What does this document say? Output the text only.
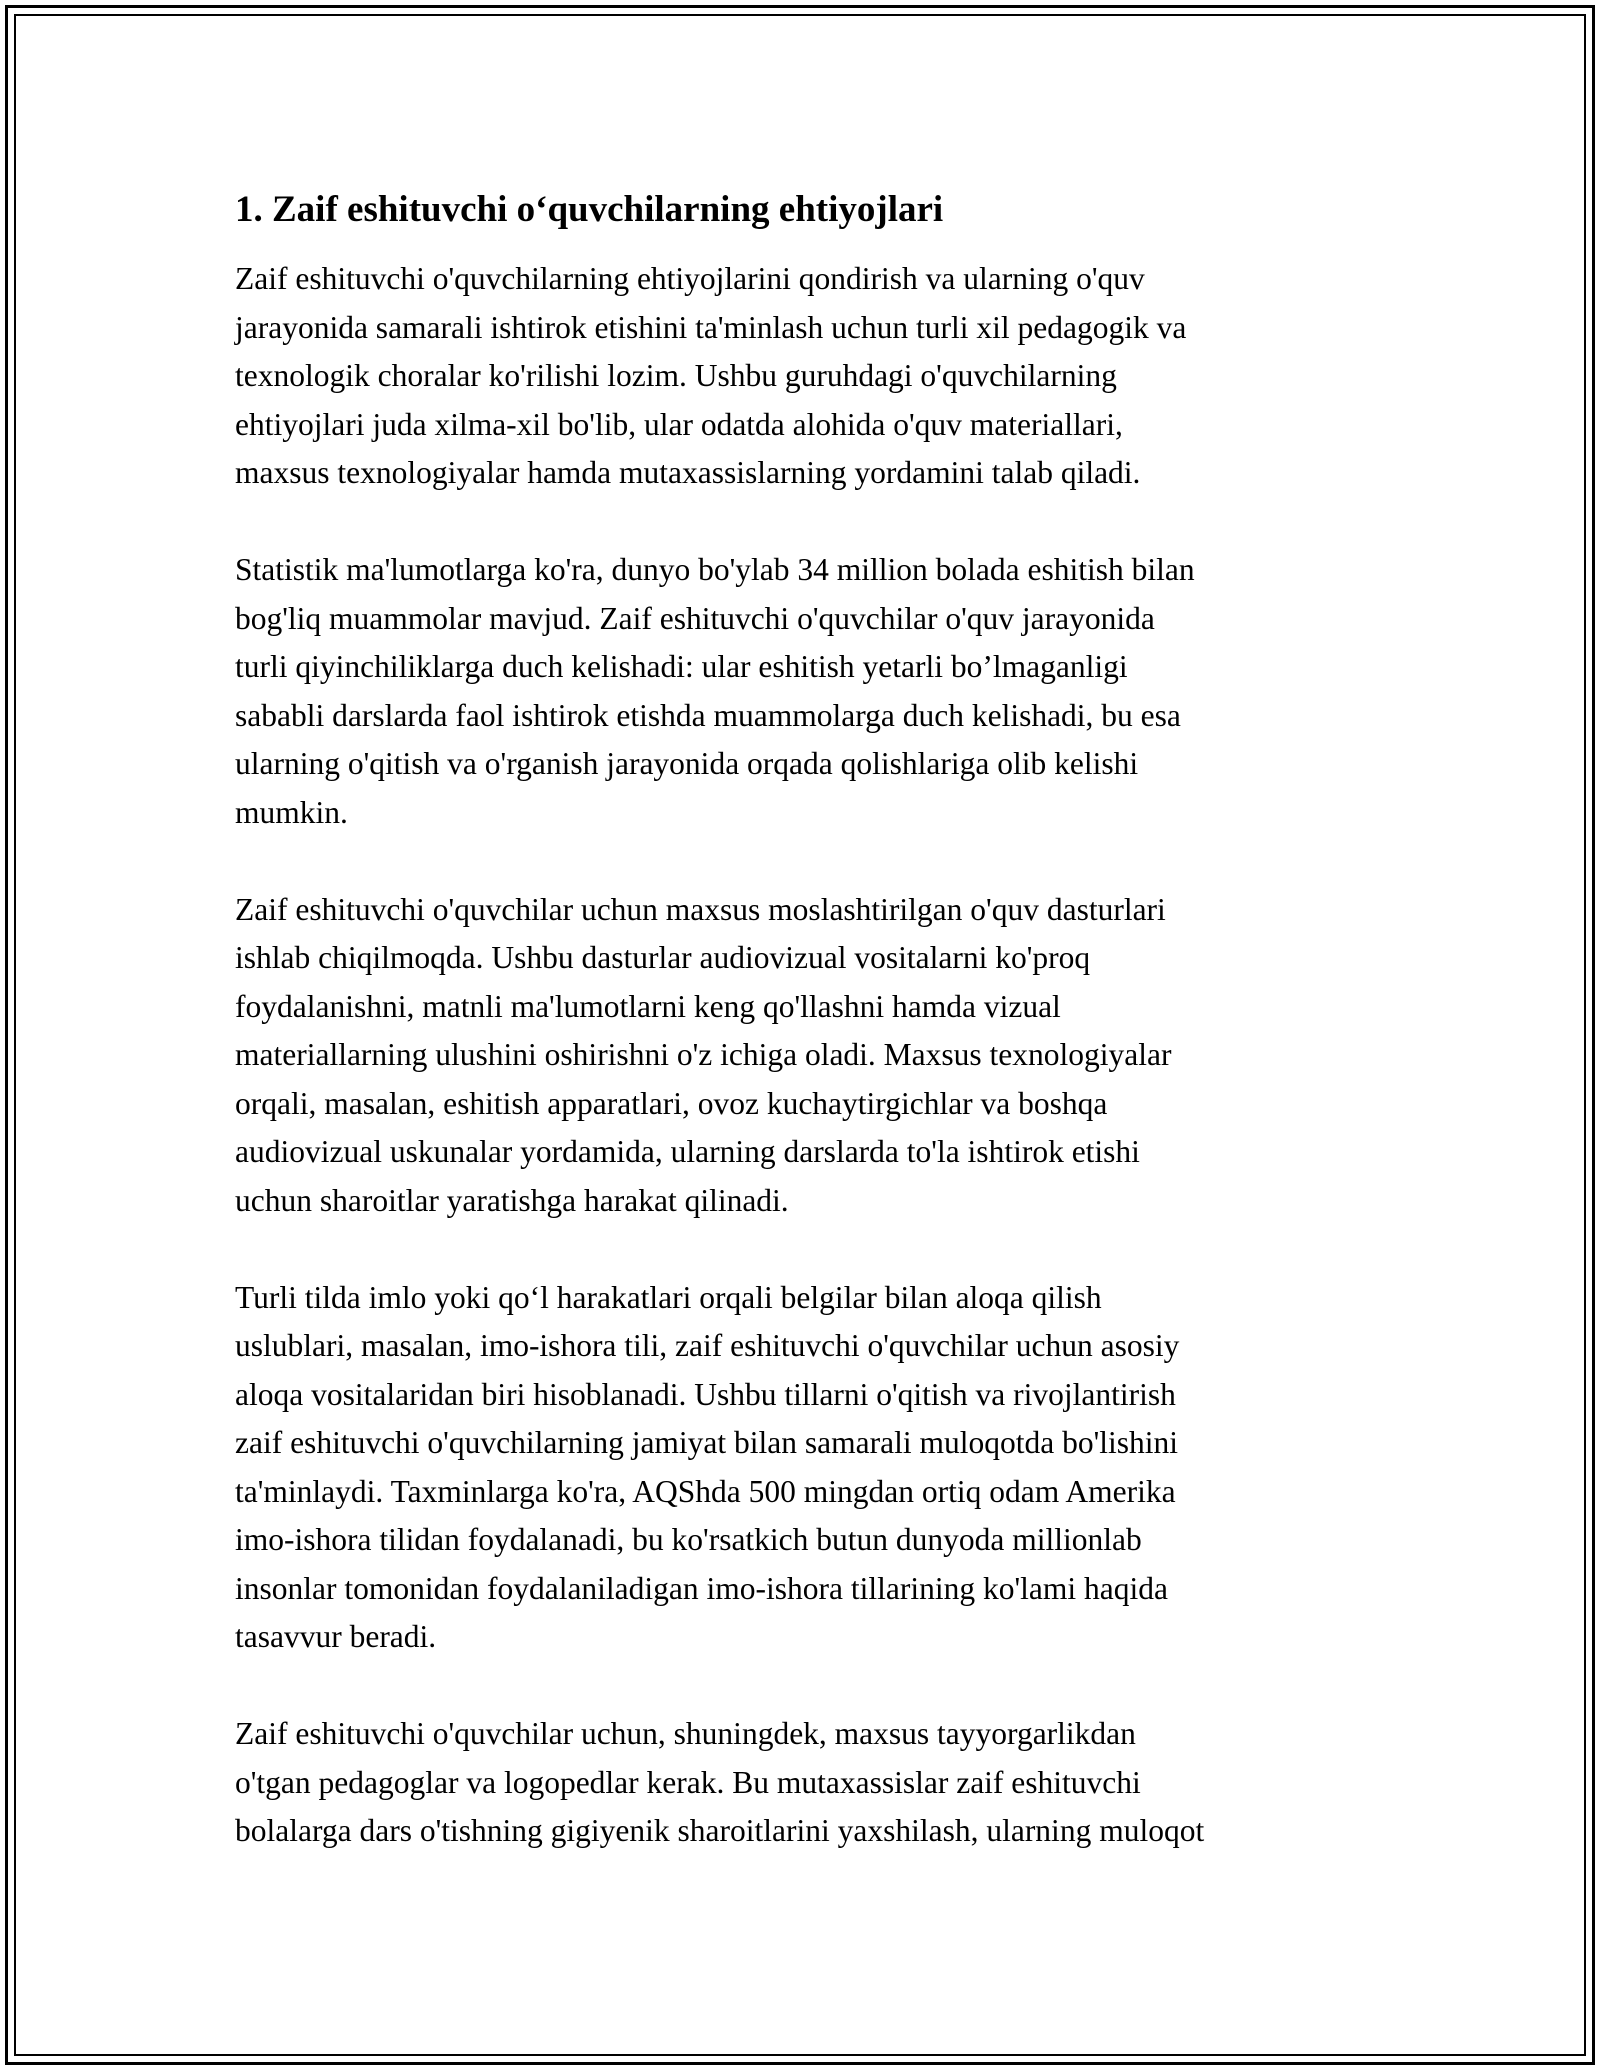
1. Zaif eshituvchi o‘quvchilarning ehtiyojlari

Zaif eshituvchi o'quvchilarning ehtiyojlarini qondirish va ularning o'quv
jarayonida samarali ishtirok etishini ta'minlash uchun turli xil pedagogik va
texnologik choralar ko'rilishi lozim. Ushbu guruhdagi o'quvchilarning
ehtiyojlari juda xilma-xil bo'lib, ular odatda alohida o'quv materiallari,
maxsus texnologiyalar hamda mutaxassislarning yordamini talab qiladi.

Statistik ma'lumotlarga ko'ra, dunyo bo'ylab 34 million bolada eshitish bilan
bog'liq muammolar mavjud. Zaif eshituvchi o'quvchilar o'quv jarayonida
turli qiyinchiliklarga duch kelishadi: ular eshitish yetarli bo’lmaganligi
sababli darslarda faol ishtirok etishda muammolarga duch kelishadi, bu esa
ularning o'qitish va o'rganish jarayonida orqada qolishlariga olib kelishi
mumkin.

Zaif eshituvchi o'quvchilar uchun maxsus moslashtirilgan o'quv dasturlari
ishlab chiqilmoqda. Ushbu dasturlar audiovizual vositalarni ko'proq
foydalanishni, matnli ma'lumotlarni keng qo'llashni hamda vizual
materiallarning ulushini oshirishni o'z ichiga oladi. Maxsus texnologiyalar
orqali, masalan, eshitish apparatlari, ovoz kuchaytirgichlar va boshqa
audiovizual uskunalar yordamida, ularning darslarda to'la ishtirok etishi
uchun sharoitlar yaratishga harakat qilinadi.

Turli tilda imlo yoki qo‘l harakatlari orqali belgilar bilan aloqa qilish
uslublari, masalan, imo-ishora tili, zaif eshituvchi o'quvchilar uchun asosiy
aloqa vositalaridan biri hisoblanadi. Ushbu tillarni o'qitish va rivojlantirish
zaif eshituvchi o'quvchilarning jamiyat bilan samarali muloqotda bo'lishini
ta'minlaydi. Taxminlarga ko'ra, AQShda 500 mingdan ortiq odam Amerika
imo-ishora tilidan foydalanadi, bu ko'rsatkich butun dunyoda millionlab
insonlar tomonidan foydalaniladigan imo-ishora tillarining ko'lami haqida
tasavvur beradi.

Zaif eshituvchi o'quvchilar uchun, shuningdek, maxsus tayyorgarlikdan
o'tgan pedagoglar va logopedlar kerak. Bu mutaxassislar zaif eshituvchi
bolalarga dars o'tishning gigiyenik sharoitlarini yaxshilash, ularning muloqot
